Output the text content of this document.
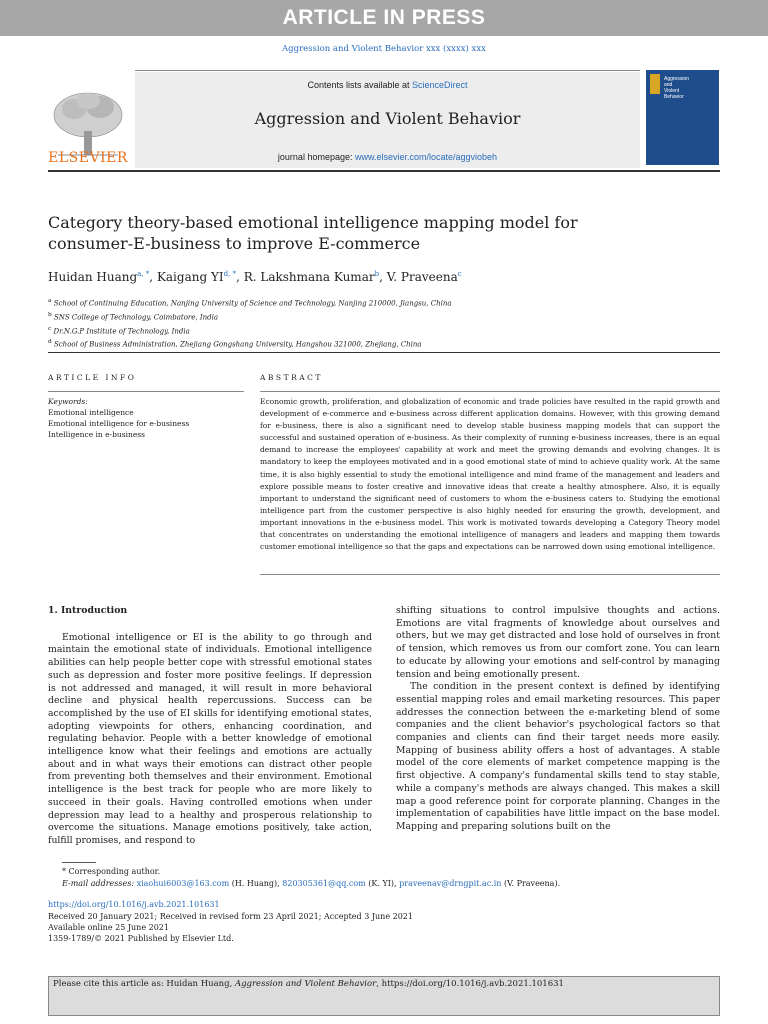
ARTICLE IN PRESS
Aggression and Violent Behavior xxx (xxxx) xxx
ELSEVIER
Contents lists available at ScienceDirect
Aggression and Violent Behavior
journal homepage: www.elsevier.com/locate/aggviobeh
Aggression
and
Violent
Behavior
Category theory-based emotional intelligence mapping model for
consumer-E-business to improve E-commerce
Huidan Huang$^{a, *}$, Kaigang $YI^{d, *}$, R. Lakshmana Kumar$^b$, V. Praveena$^c$
$^a$ School of Continuing Education, Nanjing University of Science and Technology, Nanjing 210000, Jiangsu, China
$^b$ SNS College of Technology, Coimbatore, India
$^c$ Dr.N.G.P Institute of Technology, India
$^d$ School of Business Administration, Zhejiang Gongshang University, Hangshou 321000, Zhejiang, China
ARTICLE INFO	ABSTRACT
Keywords:
Emotional intelligence
Emotional intelligence for e-business
Intelligence in e-business
Economic growth, proliferation, and globalization of economic and trade policies have resulted in the rapid growth and development of e-commerce and e-business across different application domains. However, with this growing demand for e-business, there is also a significant need to develop stable business mapping models that can support the successful and sustained operation of e-business. As their complexity of running e-business increases, there is an equal demand to increase the employees' capability at work and meet the growing demands and evolving changes. It is mandatory to keep the employees motivated and in a good emotional state of mind to achieve quality work. At the same time, it is also highly essential to study the emotional intelligence and mind frame of the management and leaders and explore possible means to foster creative and innovative ideas that create a healthy atmosphere. Also, it is equally important to understand the significant need of customers to whom the e-business caters to. Studying the emotional intelligence part from the customer perspective is also highly needed for ensuring the growth, development, and important innovations in the e-business model. This work is motivated towards developing a Category Theory model that concentrates on understanding the emotional intelligence of managers and leaders and mapping them towards customer emotional intelligence so that the gaps and expectations can be narrowed down using emotional intelligence.

1. Introduction

Emotional intelligence or EI is the ability to go through and maintain the emotional state of individuals. Emotional intelligence abilities can help people better cope with stressful emotional states such as depression and foster more positive feelings. If depression is not addressed and managed, it will result in more behavioral decline and physical health repercussions. Success can be accomplished by the use of EI skills for identifying emotional states, adopting viewpoints for others, enhancing coordination, and regulating behavior. People with a better knowledge of emotional intelligence know what their feelings and emotions are actually about and in what ways their emotions can distract other people from preventing both themselves and their environment. Emotional intelligence is the best track for people who are more likely to succeed in their goals. Having controlled emotions when under depression may lead to a healthy and prosperous relationship to overcome the situations. Manage emotions positively, take action, fulfill promises, and respond to

shifting situations to control impulsive thoughts and actions. Emotions are vital fragments of knowledge about ourselves and others, but we may get distracted and lose hold of ourselves in front of tension, which removes us from our comfort zone. You can learn to educate by allowing your emotions and self-control by managing tension and being emotionally present.

The condition in the present context is defined by identifying essential mapping roles and email marketing resources. This paper addresses the connection between the e-marketing blend of some companies and the client behavior's psychological factors so that companies and clients can find their target needs more easily. Mapping of business ability offers a host of advantages. A stable model of the core elements of market competence mapping is the first objective. A company's fundamental skills tend to stay stable, while a company's methods are always changed. This makes a skill map a good reference point for corporate planning. Changes in the implementation of capabilities have little impact on the base model. Mapping and preparing solutions built on the

* Corresponding author.
E-mail addresses: xiaohui6003@163.com (H. Huang), 820305361@qq.com (K. YI), praveenav@drngpit.ac.in (V. Praveena).
https://doi.org/10.1016/j.avb.2021.101631
Received 20 January 2021; Received in revised form 23 April 2021; Accepted 3 June 2021
Available online 25 June 2021
1359-1789/© 2021 Published by Elsevier Ltd.
Please cite this article as: Huidan Huang, Aggression and Violent Behavior, https://doi.org/10.1016/j.avb.2021.101631
